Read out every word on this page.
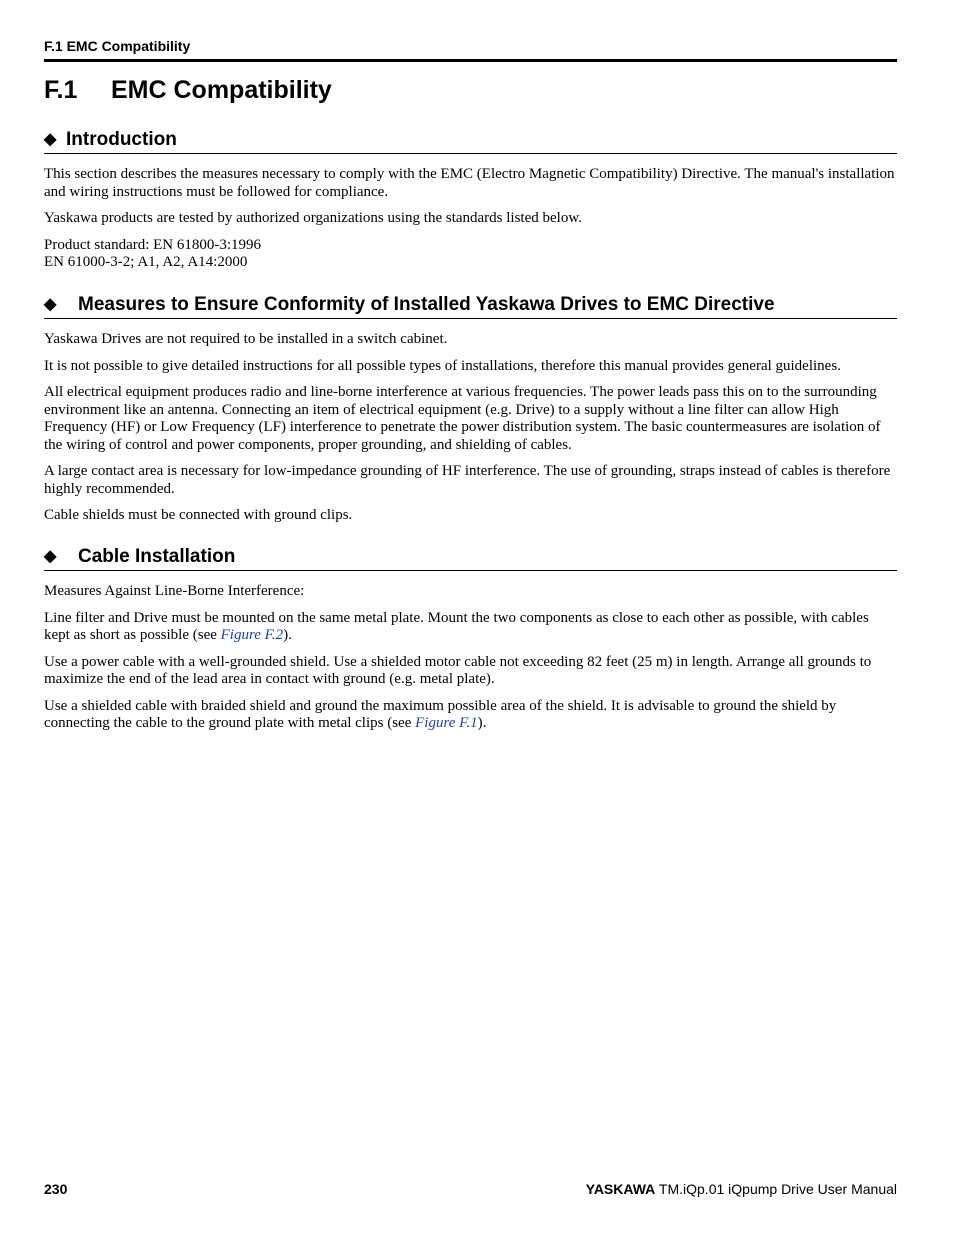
F.1 EMC Compatibility
F.1 EMC Compatibility
◆ Introduction

This section describes the measures necessary to comply with the EMC (Electro Magnetic Compatibility) Directive. The manual's installation and wiring instructions must be followed for compliance.

Yaskawa products are tested by authorized organizations using the standards listed below.

Product standard: EN 61800-3:1996
EN 61000-3-2; A1, A2, A14:2000

◆	Measures to Ensure Conformity of Installed Yaskawa Drives to EMC Directive

Yaskawa Drives are not required to be installed in a switch cabinet.

It is not possible to give detailed instructions for all possible types of installations, therefore this manual provides general guidelines.

All electrical equipment produces radio and line-borne interference at various frequencies. The power leads pass this on to the surrounding environment like an antenna. Connecting an item of electrical equipment (e.g. Drive) to a supply without a line filter can allow High Frequency (HF) or Low Frequency (LF) interference to penetrate the power distribution system. The basic countermeasures are isolation of the wiring of control and power components, proper grounding, and shielding of cables.

A large contact area is necessary for low-impedance grounding of HF interference. The use of grounding, straps instead of cables is therefore highly recommended.

Cable shields must be connected with ground clips.

◆	Cable Installation

Measures Against Line-Borne Interference:

Line filter and Drive must be mounted on the same metal plate. Mount the two components as close to each other as possible, with cables kept as short as possible (see Figure F.2).

Use a power cable with a well-grounded shield. Use a shielded motor cable not exceeding 82 feet (25 m) in length. Arrange all grounds to maximize the end of the lead area in contact with ground (e.g. metal plate).

Use a shielded cable with braided shield and ground the maximum possible area of the shield. It is advisable to ground the shield by connecting the cable to the ground plate with metal clips (see Figure F.1).

230	YASKAWA TM.iQp.01 iQpump Drive User Manual
